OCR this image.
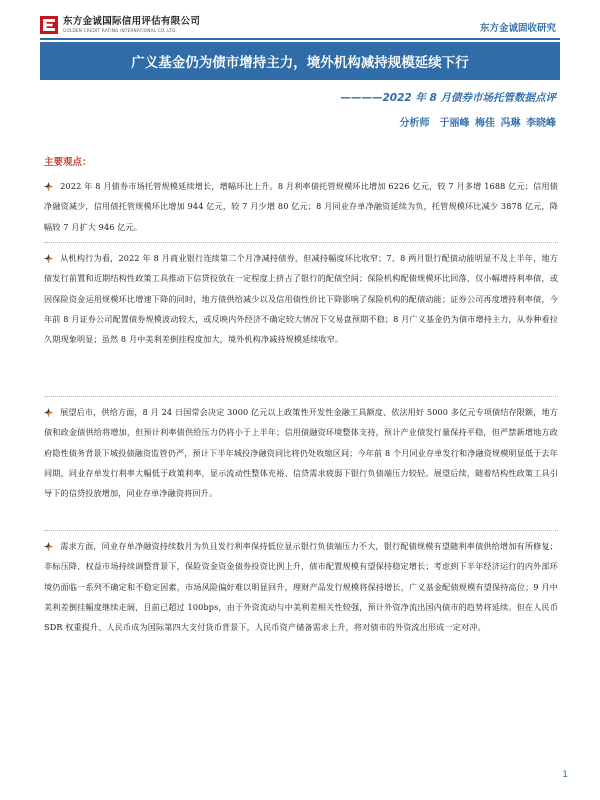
东方金诚国际信用评估有限公司
GOLDEN CREDIT RATING INTERNATIONAL CO.,LTD.	东方金诚固收研究
广义基金仍为债市增持主力，境外机构减持规模延续下行
————2022 年 8 月债券市场托管数据点评
分析师　于丽峰 梅佳 冯琳 李晓峰
主要观点：

2022 年 8 月债券市场托管规模延续增长，增幅环比上升。8 月利率债托管规模环比增加 6226 亿元，较 7 月多增 1688 亿元；信用债净融资减少，信用债托管规模环比增加 944 亿元，较 7 月少增 80 亿元；8 月同业存单净融资延续为负，托管规模环比减少 3878 亿元，降幅较 7 月扩大 946 亿元。

从机构行为看，2022 年 8 月商业银行连续第二个月净减持债券，但减持幅度环比收窄；7、8 两月银行配债动能明显不及上半年，地方债发行前置和近期结构性政策工具推动下信贷投放在一定程度上挤占了银行的配债空间；保险机构配债规模环比回落，仅小幅增持利率债，或因保险资金运用规模环比增速下降的同时，地方债供给减少以及信用债性价比下降影响了保险机构的配债动能；证券公司再度增持利率债，今年前 8 月证券公司配置债券规模波动较大，或反映内外经济不确定较大情况下交易盘预期不稳；8 月广义基金仍为债市增持主力，从券种看拉久期现象明显；虽然 8 月中美利差倒挂程度加大，境外机构净减持规模延续收窄。

展望后市，供给方面，8 月 24 日国常会决定 3000 亿元以上政策性开发性金融工具额度、依法用好 5000 多亿元专项债结存限额，地方债和政金债供给将增加，但预计利率债供给压力仍将小于上半年；信用债融资环境整体支持，预计产业债发行量保持平稳，但严禁新增地方政府隐性债务背景下城投债融资监管仍严，预计下半年城投净融资同比将仍处收缩区间；今年前 8 个月同业存单发行和净融资规模明显低于去年同期，同业存单发行利率大幅低于政策利率，显示流动性整体充裕、信贷需求疲弱下银行负债端压力较轻。展望后续，随着结构性政策工具引导下的信贷投放增加，同业存单净融资将回升。

需求方面，同业存单净融资持续数月为负且发行利率保持低位显示银行负债端压力不大，银行配债规模有望随利率债供给增加有所修复；非标压降、权益市场持续调整背景下，保险资金资金债券投资比例上升，债市配置规模有望保持稳定增长；考虑到下半年经济运行的内外部环境仍面临一系列不确定和不稳定因素，市场风险偏好难以明显回升，理财产品发行规模将保持增长，广义基金配债规模有望保持高位；9 月中美利差倒挂幅度继续走阔，目前已超过 100bps，由于外资流动与中美利差相关性较强，预计外资净流出国内债市的趋势将延续。但在人民币 SDR 权重提升、人民币成为国际第四大支付货币背景下，人民币资产储备需求上升，将对债市的外资流出形成一定对冲。

1
